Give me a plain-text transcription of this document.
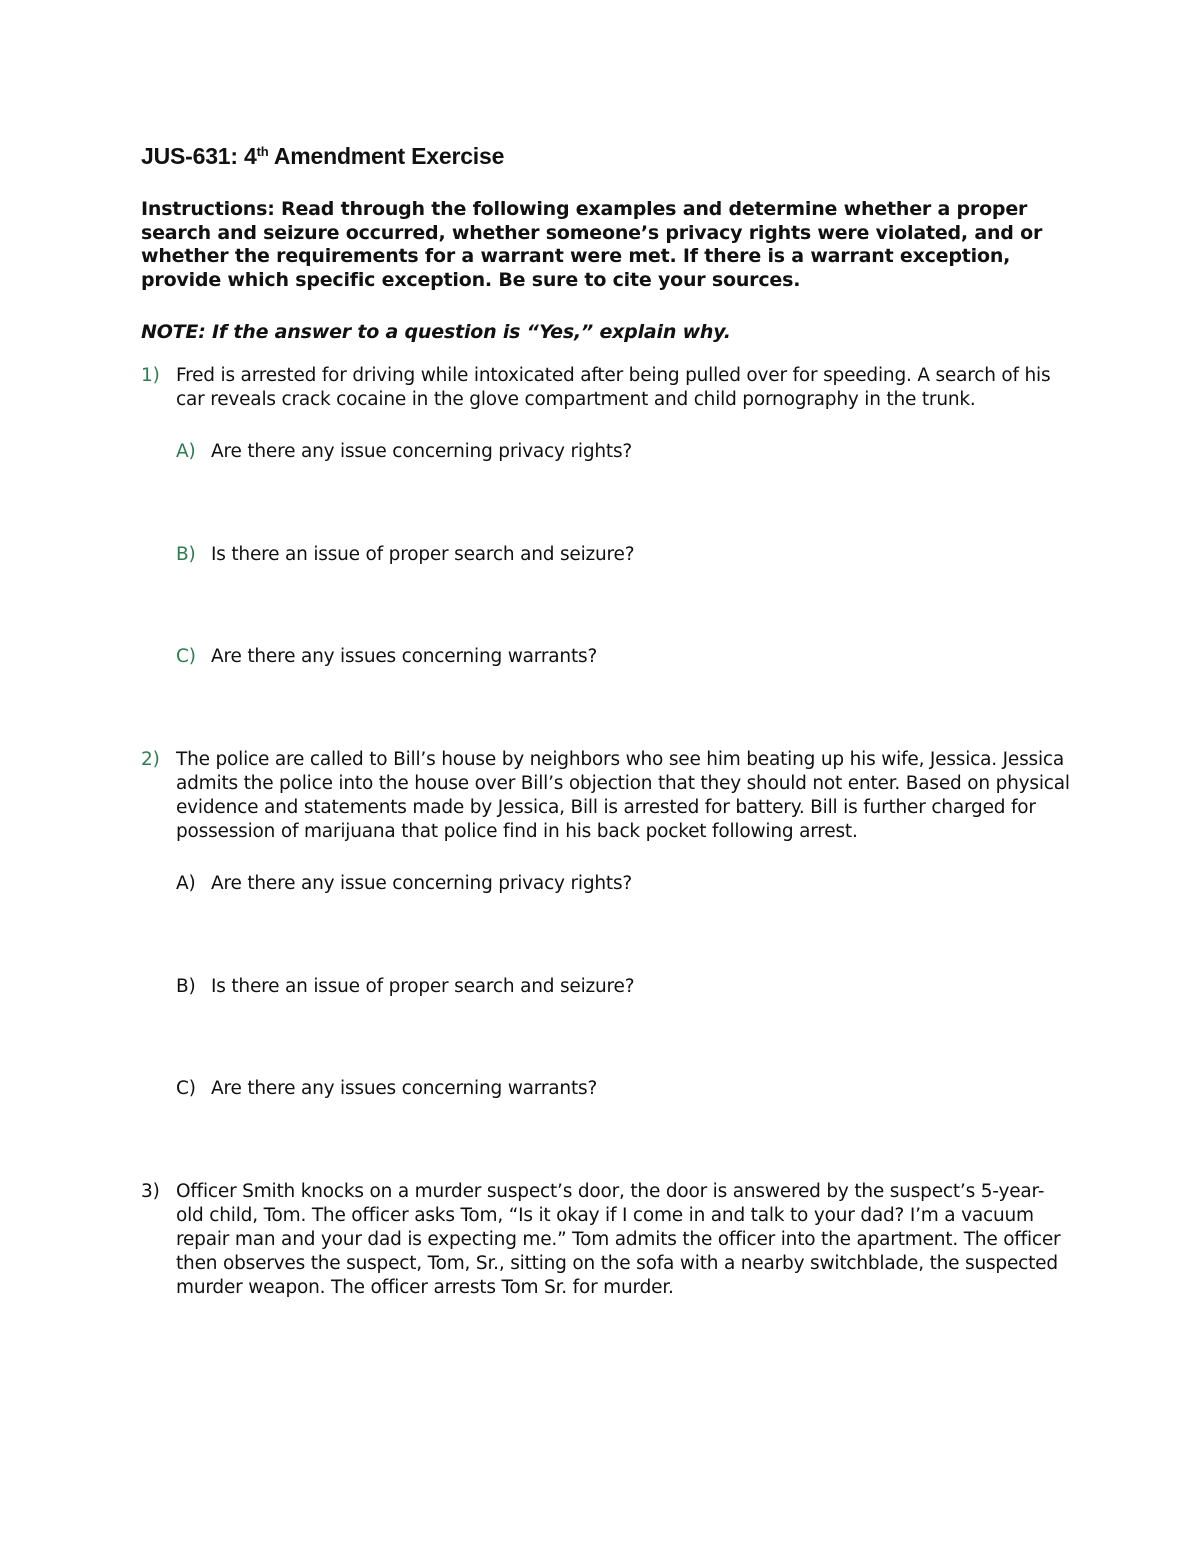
JUS-631: 4th Amendment Exercise
Instructions: Read through the following examples and determine whether a proper search and seizure occurred, whether someone’s privacy rights were violated, and or whether the requirements for a warrant were met. If there is a warrant exception, provide which specific exception. Be sure to cite your sources.
NOTE: If the answer to a question is “Yes,” explain why.
1) Fred is arrested for driving while intoxicated after being pulled over for speeding. A search of his car reveals crack cocaine in the glove compartment and child pornography in the trunk.
A) Are there any issue concerning privacy rights?
B) Is there an issue of proper search and seizure?
C) Are there any issues concerning warrants?
2) The police are called to Bill’s house by neighbors who see him beating up his wife, Jessica. Jessica admits the police into the house over Bill’s objection that they should not enter. Based on physical evidence and statements made by Jessica, Bill is arrested for battery. Bill is further charged for possession of marijuana that police find in his back pocket following arrest.
A) Are there any issue concerning privacy rights?
B) Is there an issue of proper search and seizure?
C) Are there any issues concerning warrants?
3) Officer Smith knocks on a murder suspect’s door, the door is answered by the suspect’s 5-year-old child, Tom. The officer asks Tom, “Is it okay if I come in and talk to your dad? I’m a vacuum repair man and your dad is expecting me.” Tom admits the officer into the apartment. The officer then observes the suspect, Tom, Sr., sitting on the sofa with a nearby switchblade, the suspected murder weapon. The officer arrests Tom Sr. for murder.
